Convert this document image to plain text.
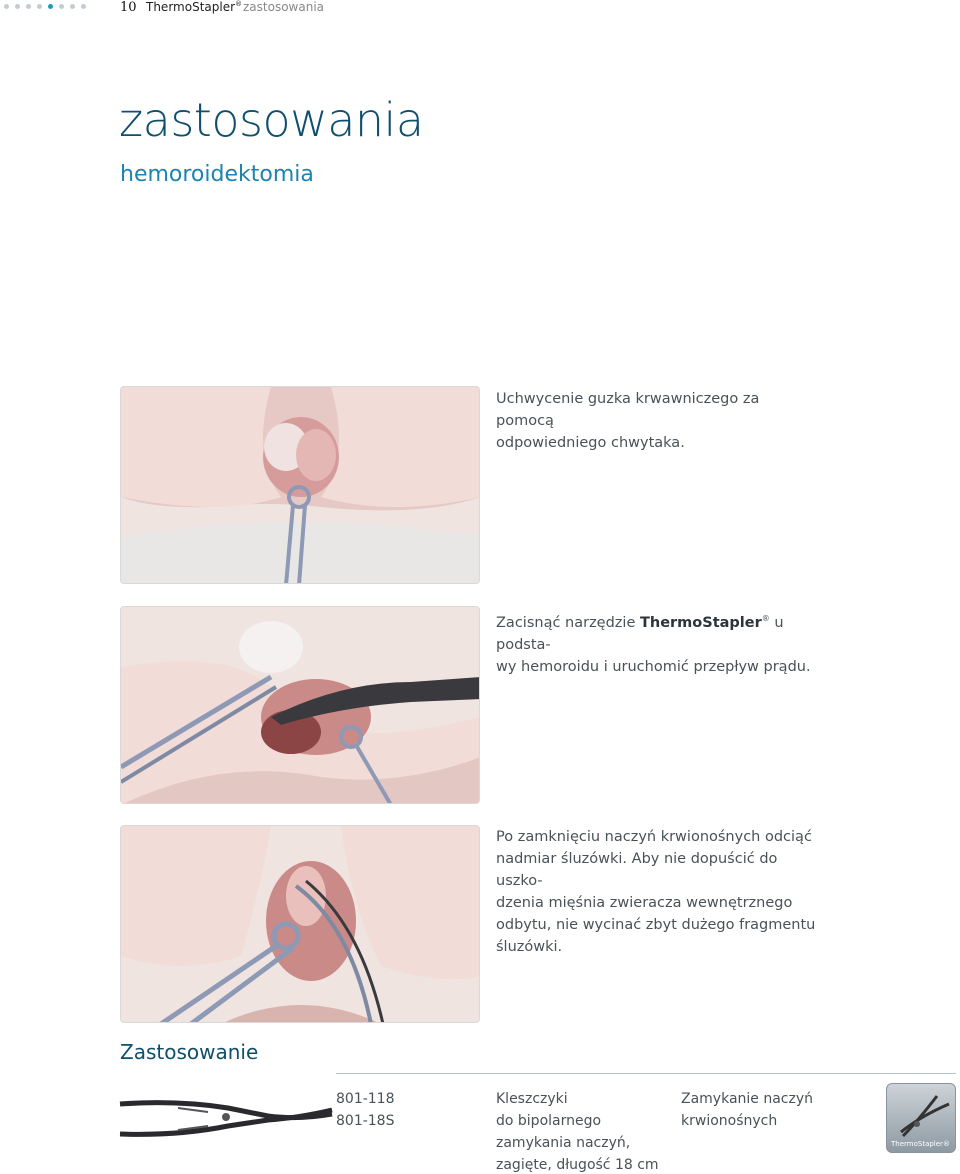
10 ThermoStapler® zastosowania
zastosowania
hemoroidektomia
Uchwycenie guzka krwawniczego za pomocą
odpowiedniego chwytaka.
Zacisnąć narzędzie ThermoStapler® u podsta-
wy hemoroidu i uruchomić przepływ prądu.
Po zamknięciu naczyń krwionośnych odciąć
nadmiar śluzówki. Aby nie dopuścić do uszko-
dzenia mięśnia zwieracza wewnętrznego
odbytu, nie wycinać zbyt dużego fragmentu
śluzówki.
Zastosowanie
801-118
801-18S
Kleszczyki
do bipolarnego
zamykania naczyń,
zagięte, długość 18 cm
Zamykanie naczyń
krwionośnych
ThermoStapler®
